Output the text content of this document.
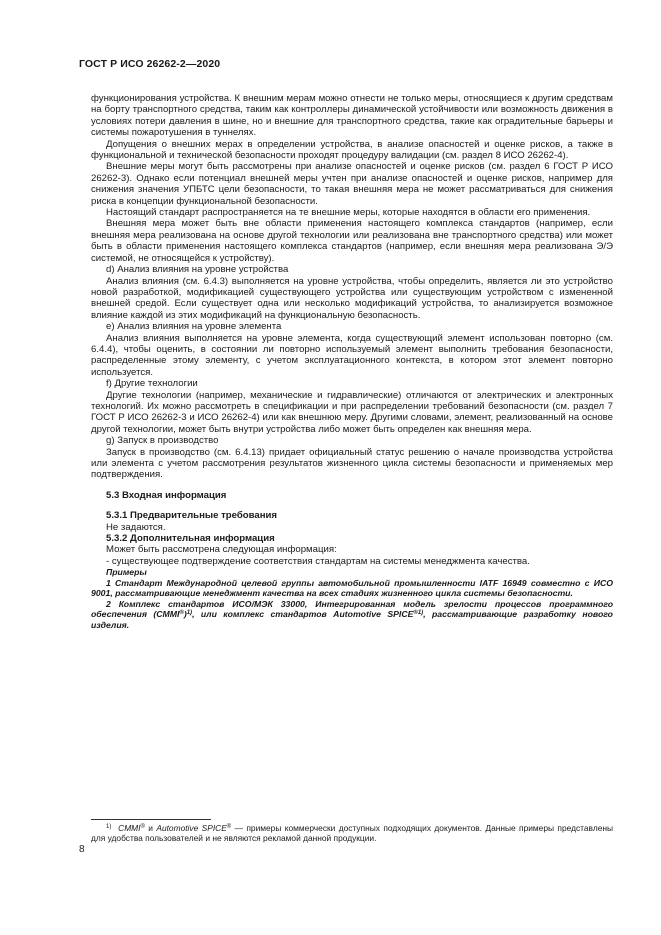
ГОСТ Р ИСО 26262-2—2020

функционирования устройства. К внешним мерам можно отнести не только меры, относящиеся к другим средствам на борту транспортного средства, таким как контроллеры динамической устойчивости или возможность движения в условиях потери давления в шине, но и внешние для транспортного средства, такие как оградительные барьеры и системы пожаротушения в туннелях.

Допущения о внешних мерах в определении устройства, в анализе опасностей и оценке рисков, а также в функциональной и технической безопасности проходят процедуру валидации (см. раздел 8 ИСО 26262-4).

Внешние меры могут быть рассмотрены при анализе опасностей и оценке рисков (см. раздел 6 ГОСТ Р ИСО 26262-3). Однако если потенциал внешней меры учтен при анализе опасностей и оценке рисков, например для снижения значения УПБТС цели безопасности, то такая внешняя мера не может рассматриваться для снижения риска в концепции функциональной безопасности.

Настоящий стандарт распространяется на те внешние меры, которые находятся в области его применения.

Внешняя мера может быть вне области применения настоящего комплекса стандартов (например, если внешняя мера реализована на основе другой технологии или реализована вне транспортного средства) или может быть в области применения настоящего комплекса стандартов (например, если внешняя мера реализована Э/Э системой, не относящейся к устройству).

d) Анализ влияния на уровне устройства

Анализ влияния (см. 6.4.3) выполняется на уровне устройства, чтобы определить, является ли это устройство новой разработкой, модификацией существующего устройства или существующим устройством с измененной внешней средой. Если существует одна или несколько модификаций устройства, то анализируется возможное влияние каждой из этих модификаций на функциональную безопасность.

e) Анализ влияния на уровне элемента

Анализ влияния выполняется на уровне элемента, когда существующий элемент использован повторно (см. 6.4.4), чтобы оценить, в состоянии ли повторно используемый элемент выполнить требования безопасности, распределенные этому элементу, с учетом эксплуатационного контекста, в котором этот элемент повторно используется.

f) Другие технологии

Другие технологии (например, механические и гидравлические) отличаются от электрических и электронных технологий. Их можно рассмотреть в спецификации и при распределении требований безопасности (см. раздел 7 ГОСТ Р ИСО 26262-3 и ИСО 26262-4) или как внешнюю меру. Другими словами, элемент, реализованный на основе другой технологии, может быть внутри устройства либо может быть определен как внешняя мера.

g) Запуск в производство

Запуск в производство (см. 6.4.13) придает официальный статус решению о начале производства устройства или элемента с учетом рассмотрения результатов жизненного цикла системы безопасности и применяемых мер подтверждения.

5.3 Входная информация

5.3.1 Предварительные требования

Не задаются.

5.3.2 Дополнительная информация

Может быть рассмотрена следующая информация:

- существующее подтверждение соответствия стандартам на системы менеджмента качества.

Примеры

1 Стандарт Международной целевой группы автомобильной промышленности IATF 16949 совместно с ИСО 9001, рассматривающие менеджмент качества на всех стадиях жизненного цикла системы безопасности.

2 Комплекс стандартов ИСО/МЭК 33000, Интегрированная модель зрелости процессов программного обеспечения (CMMI®)$^{1)}$, или комплекс стандартов Automotive $SPICE^{®1)}$, рассматривающие разработку нового изделия.

$^{1)}$ CMMI® и Automotive SPICE® — примеры коммерчески доступных подходящих документов. Данные примеры представлены для удобства пользователей и не являются рекламой данной продукции.
8
